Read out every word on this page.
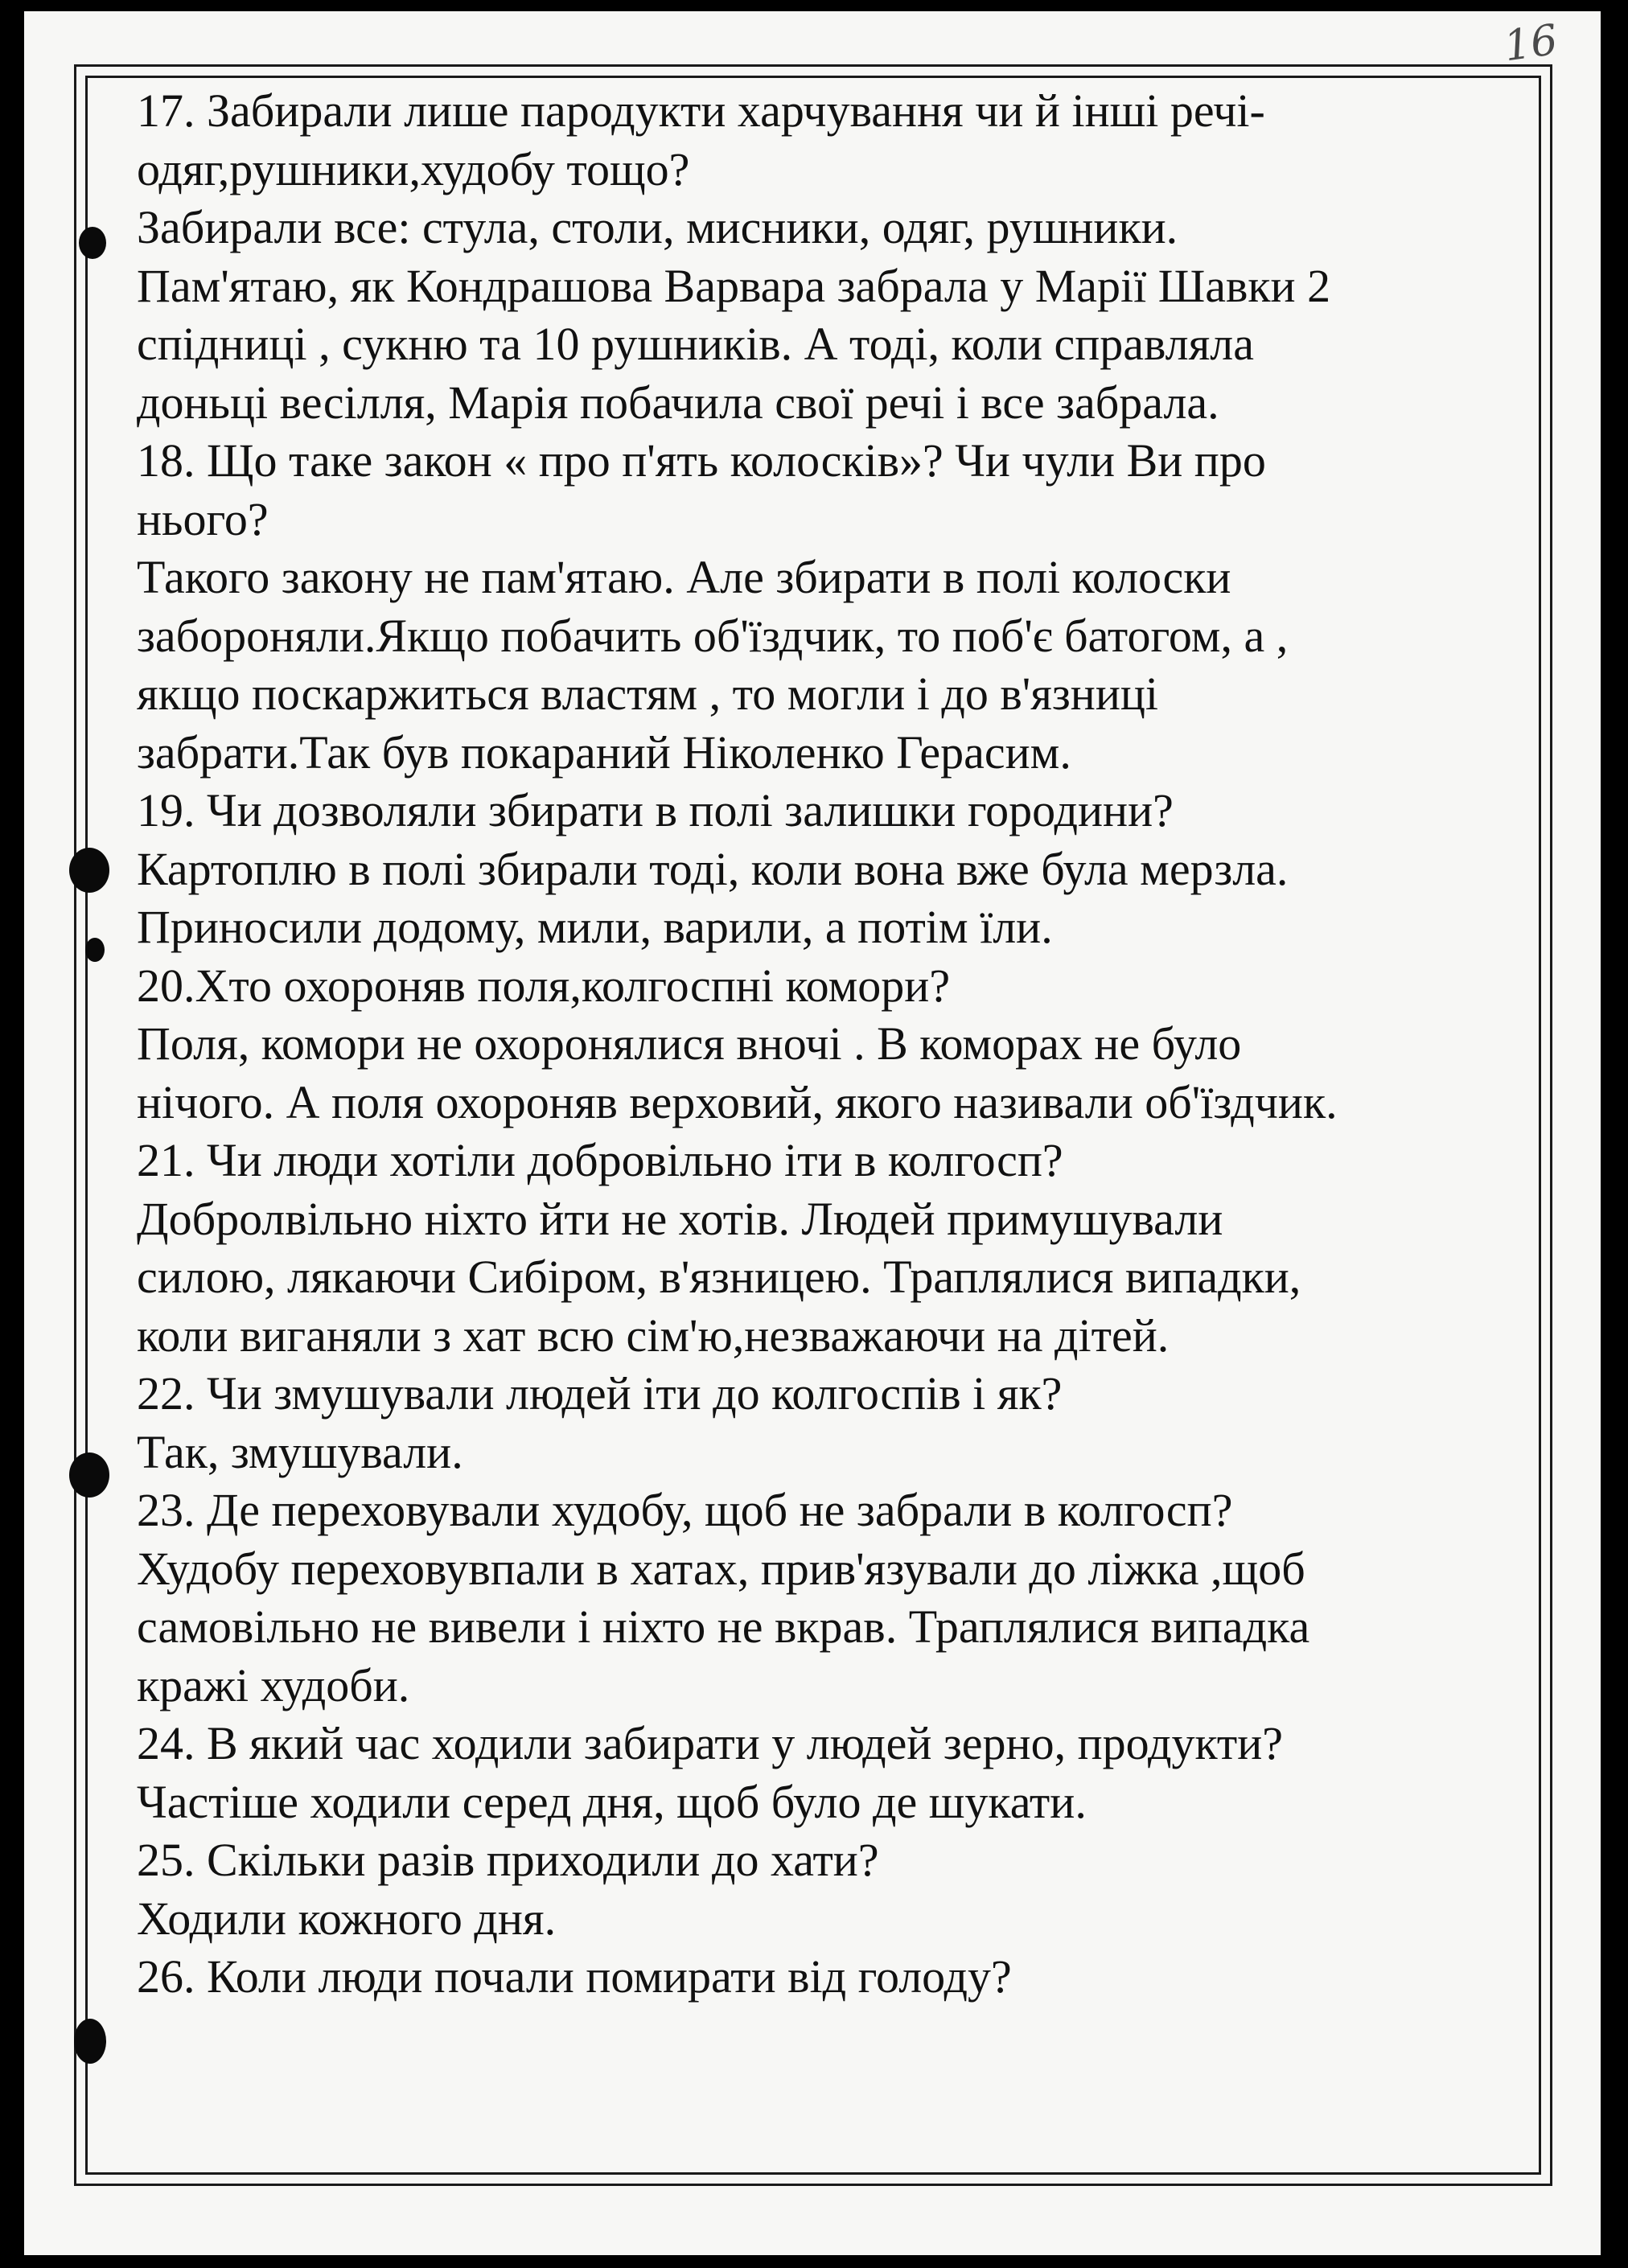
16
17. Забирали лише пародукти харчування чи й інші речі-
одяг,рушники,худобу тощо?
Забирали все: стула, столи, мисники, одяг, рушники.
Пам'ятаю, як Кондрашова Варвара забрала у Марії Шавки 2
спідниці , сукню та 10 рушників. А тоді, коли справляла
доньці весілля, Марія побачила свої речі і все забрала.
18. Що таке закон « про п'ять колосків»? Чи чули Ви про
нього?
Такого закону не пам'ятаю. Але збирати в полі колоски
забороняли.Якщо побачить об'їздчик, то поб'є батогом, а ,
якщо поскаржиться властям , то могли і до в'язниці
забрати.Так був покараний Ніколенко Герасим.
19. Чи дозволяли збирати в полі залишки городини?
Картоплю в полі збирали тоді, коли вона вже була мерзла.
Приносили додому, мили, варили, а потім їли.
20.Хто охороняв поля,колгоспні комори?
Поля, комори не охоронялися вночі . В коморах не було
нічого. А поля охороняв верховий, якого називали об'їздчик.
21. Чи люди хотіли добровільно іти в колгосп?
Добролвільно ніхто йти не хотів. Людей примушували
силою, лякаючи Сибіром, в'язницею. Траплялися випадки,
коли виганяли з хат всю сім'ю,незважаючи на дітей.
22. Чи змушували людей іти до колгоспів і як?
Так, змушували.
23. Де переховували худобу, щоб не забрали в колгосп?
Худобу переховувпали в хатах, прив'язували до ліжка ,щоб
самовільно не вивели і ніхто не вкрав. Траплялися випадка
кражі худоби.
24. В який час ходили забирати у людей зерно, продукти?
Частіше ходили серед дня, щоб було де шукати.
25. Скільки разів приходили до хати?
Ходили кожного дня.
26. Коли люди почали помирати від голоду?
